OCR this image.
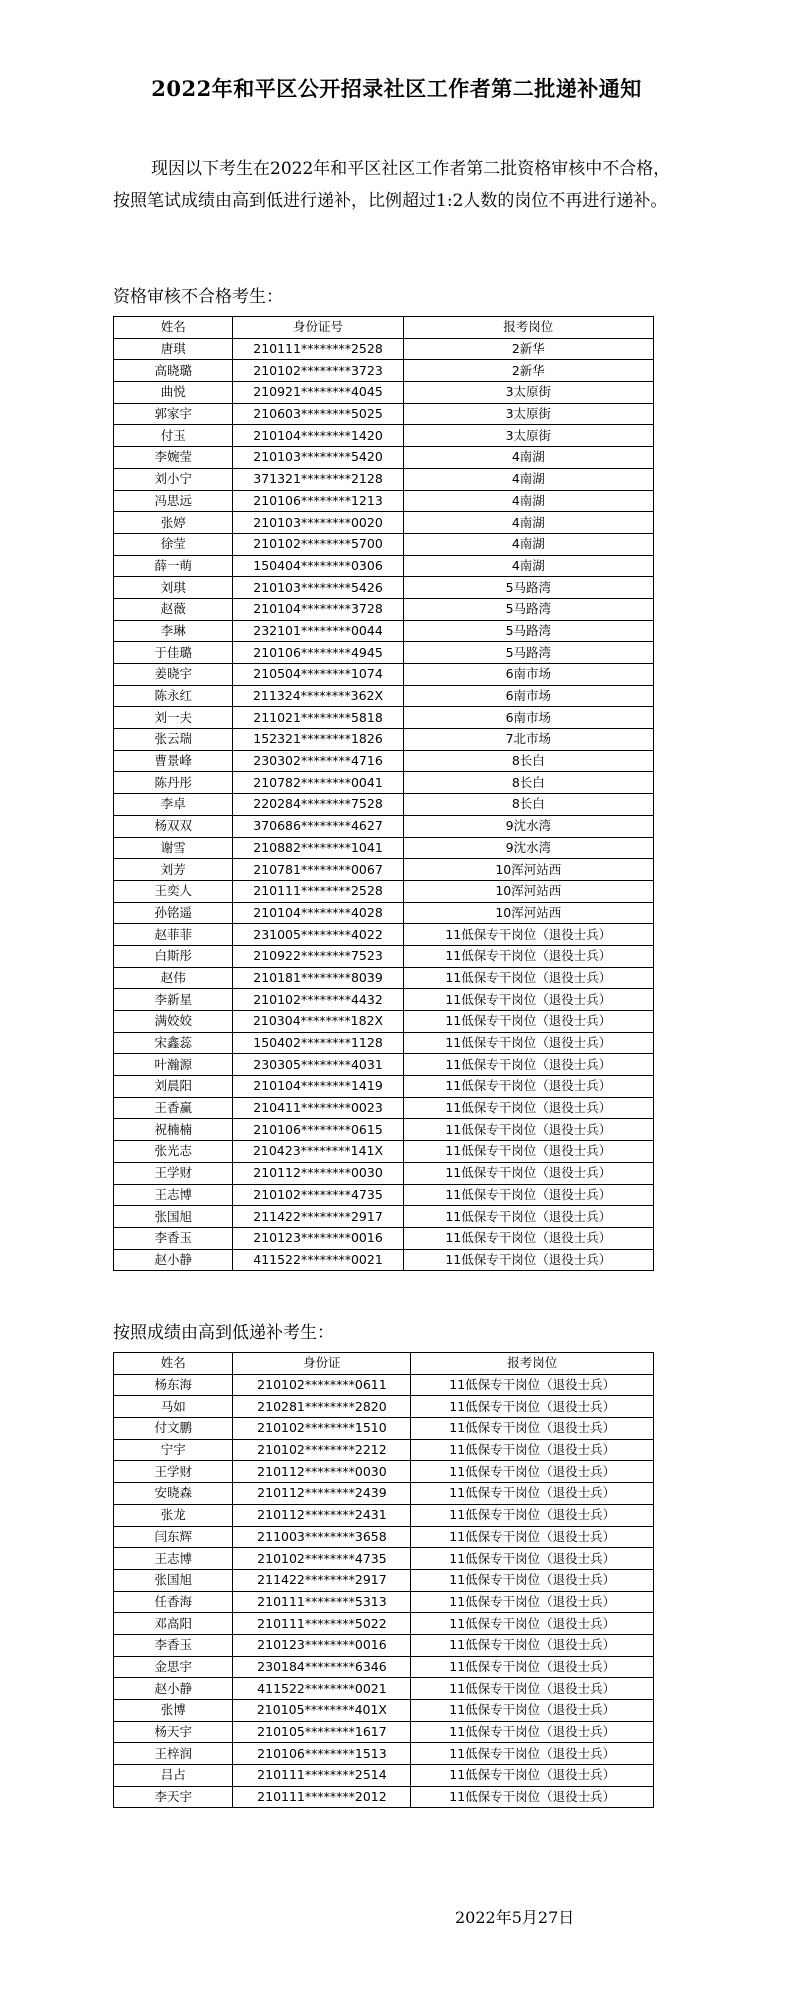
2022年和平区公开招录社区工作者第二批递补通知
现因以下考生在2022年和平区社区工作者第二批资格审核中不合格，按照笔试成绩由高到低进行递补，比例超过1:2人数的岗位不再进行递补。
资格审核不合格考生：
姓名	身份证号	报考岗位
唐琪	210111********2528	2新华
高晓璐	210102********3723	2新华
曲悦	210921********4045	3太原街
郭家宇	210603********5025	3太原街
付玉	210104********1420	3太原街
李婉莹	210103********5420	4南湖
刘小宁	371321********2128	4南湖
冯思远	210106********1213	4南湖
张婷	210103********0020	4南湖
徐莹	210102********5700	4南湖
薛一萌	150404********0306	4南湖
刘琪	210103********5426	5马路湾
赵薇	210104********3728	5马路湾
李琳	232101********0044	5马路湾
于佳璐	210106********4945	5马路湾
姜晓宇	210504********1074	6南市场
陈永红	211324********362X	6南市场
刘一夫	211021********5818	6南市场
张云瑞	152321********1826	7北市场
曹景峰	230302********4716	8长白
陈丹彤	210782********0041	8长白
李卓	220284********7528	8长白
杨双双	370686********4627	9沈水湾
谢雪	210882********1041	9沈水湾
刘芳	210781********0067	10浑河站西
王奕人	210111********2528	10浑河站西
孙铭遥	210104********4028	10浑河站西
赵菲菲	231005********4022	11低保专干岗位（退役士兵）
白斯彤	210922********7523	11低保专干岗位（退役士兵）
赵伟	210181********8039	11低保专干岗位（退役士兵）
李新星	210102********4432	11低保专干岗位（退役士兵）
满姣姣	210304********182X	11低保专干岗位（退役士兵）
宋鑫蕊	150402********1128	11低保专干岗位（退役士兵）
叶瀚源	230305********4031	11低保专干岗位（退役士兵）
刘晨阳	210104********1419	11低保专干岗位（退役士兵）
王香赢	210411********0023	11低保专干岗位（退役士兵）
祝楠楠	210106********0615	11低保专干岗位（退役士兵）
张光志	210423********141X	11低保专干岗位（退役士兵）
王学财	210112********0030	11低保专干岗位（退役士兵）
王志博	210102********4735	11低保专干岗位（退役士兵）
张国旭	211422********2917	11低保专干岗位（退役士兵）
李香玉	210123********0016	11低保专干岗位（退役士兵）
赵小静	411522********0021	11低保专干岗位（退役士兵）
按照成绩由高到低递补考生：
姓名	身份证	报考岗位
杨东海	210102********0611	11低保专干岗位（退役士兵）
马如	210281********2820	11低保专干岗位（退役士兵）
付文鹏	210102********1510	11低保专干岗位（退役士兵）
宁宇	210102********2212	11低保专干岗位（退役士兵）
王学财	210112********0030	11低保专干岗位（退役士兵）
安晓森	210112********2439	11低保专干岗位（退役士兵）
张龙	210112********2431	11低保专干岗位（退役士兵）
闫东辉	211003********3658	11低保专干岗位（退役士兵）
王志博	210102********4735	11低保专干岗位（退役士兵）
张国旭	211422********2917	11低保专干岗位（退役士兵）
任香海	210111********5313	11低保专干岗位（退役士兵）
邓高阳	210111********5022	11低保专干岗位（退役士兵）
李香玉	210123********0016	11低保专干岗位（退役士兵）
金思宇	230184********6346	11低保专干岗位（退役士兵）
赵小静	411522********0021	11低保专干岗位（退役士兵）
张博	210105********401X	11低保专干岗位（退役士兵）
杨天宇	210105********1617	11低保专干岗位（退役士兵）
王梓润	210106********1513	11低保专干岗位（退役士兵）
吕占	210111********2514	11低保专干岗位（退役士兵）
李天宇	210111********2012	11低保专干岗位（退役士兵）
2022年5月27日
